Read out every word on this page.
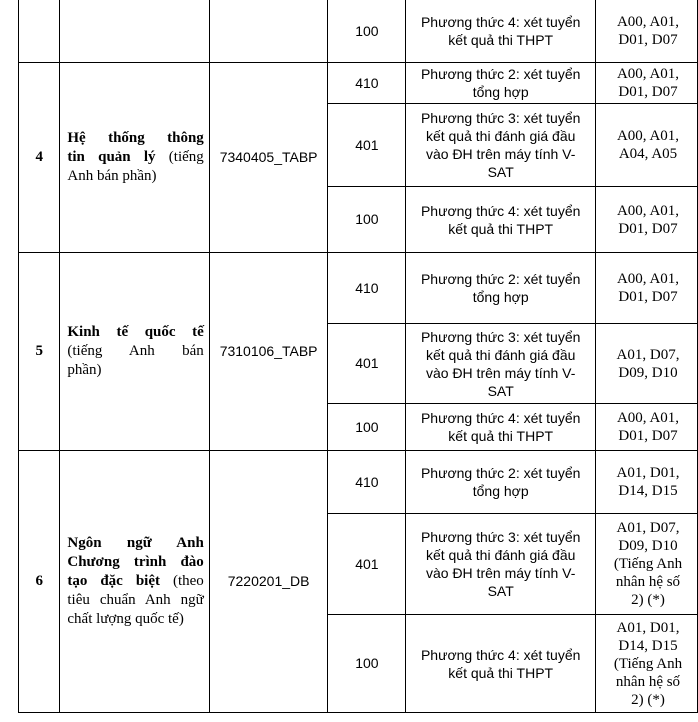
			100	Phương thức 4: xét tuyển
kết quả thi THPT	A00, A01,
D01, D07

4	Hệ thống thông
tin quản lý (tiếng
Anh bán phần)	7340405_TABP	410	Phương thức 2: xét tuyển
tổng hợp	A00, A01,
D01, D07

			401	Phương thức 3: xét tuyển
kết quả thi đánh giá đầu
vào ĐH trên máy tính V-
SAT	A00, A01,
A04, A05

			100	Phương thức 4: xét tuyển
kết quả thi THPT	A00, A01,
D01, D07

5	Kinh tế quốc tế
(tiếng Anh bán
phần)	7310106_TABP	410	Phương thức 2: xét tuyển
tổng hợp	A00, A01,
D01, D07

			401	Phương thức 3: xét tuyển
kết quả thi đánh giá đầu
vào ĐH trên máy tính V-
SAT	A01, D07,
D09, D10

			100	Phương thức 4: xét tuyển
kết quả thi THPT	A00, A01,
D01, D07

6	Ngôn ngữ Anh
Chương trình đào
tạo đặc biệt (theo
tiêu chuẩn Anh ngữ
chất lượng quốc tế)	7220201_DB	410	Phương thức 2: xét tuyển
tổng hợp	A01, D01,
D14, D15

			401	Phương thức 3: xét tuyển
kết quả thi đánh giá đầu
vào ĐH trên máy tính V-
SAT	A01, D07,
D09, D10
(Tiếng Anh
nhân hệ số
2) (*)

			100	Phương thức 4: xét tuyển
kết quả thi THPT	A01, D01,
D14, D15
(Tiếng Anh
nhân hệ số
2) (*)
